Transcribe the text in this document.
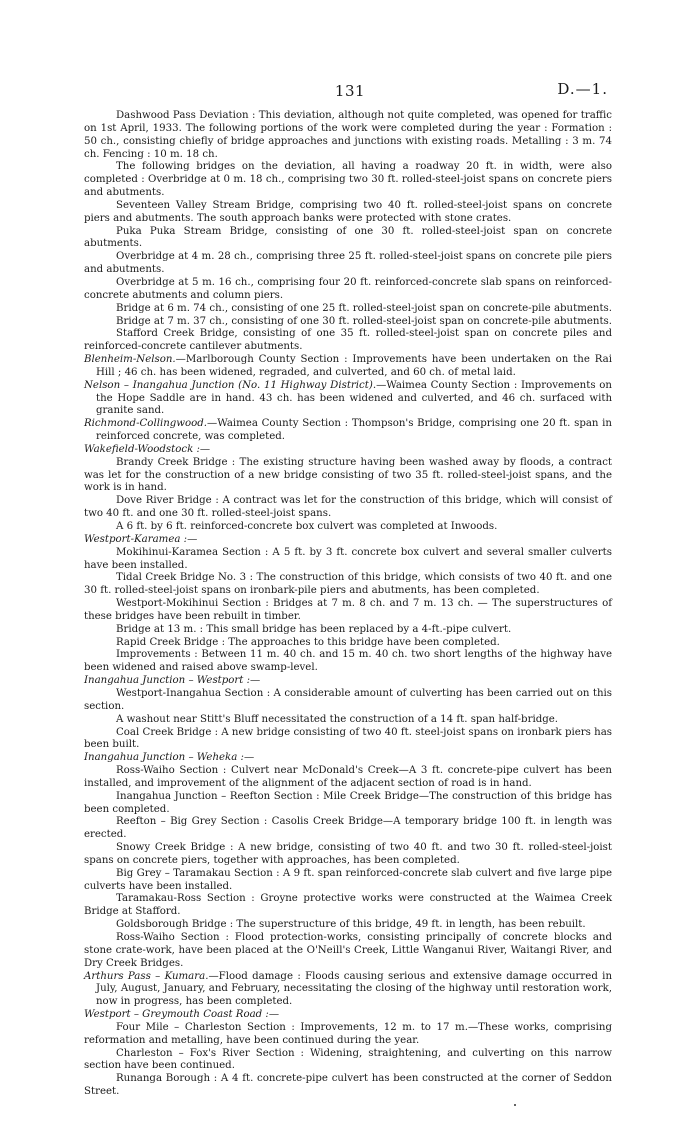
131	D.—1.

Dashwood Pass Deviation : This deviation, although not quite completed, was opened for traffic on 1st April, 1933. The following portions of the work were completed during the year : Formation : 50 ch., consisting chiefly of bridge approaches and junctions with existing roads. Metalling : 3 m. 74 ch. Fencing : 10 m. 18 ch.

The following bridges on the deviation, all having a roadway 20 ft. in width, were also completed : Overbridge at 0 m. 18 ch., comprising two 30 ft. rolled-steel-joist spans on concrete piers and abutments.

Seventeen Valley Stream Bridge, comprising two 40 ft. rolled-steel-joist spans on concrete piers and abutments. The south approach banks were protected with stone crates.

Puka Puka Stream Bridge, consisting of one 30 ft. rolled-steel-joist span on concrete abutments.

Overbridge at 4 m. 28 ch., comprising three 25 ft. rolled-steel-joist spans on concrete pile piers and abutments.

Overbridge at 5 m. 16 ch., comprising four 20 ft. reinforced-concrete slab spans on reinforced-concrete abutments and column piers.

Bridge at 6 m. 74 ch., consisting of one 25 ft. rolled-steel-joist span on concrete-pile abutments.

Bridge at 7 m. 37 ch., consisting of one 30 ft. rolled-steel-joist span on concrete-pile abutments.

Stafford Creek Bridge, consisting of one 35 ft. rolled-steel-joist span on concrete piles and reinforced-concrete cantilever abutments.

Blenheim-Nelson.—Marlborough County Section : Improvements have been undertaken on the Rai Hill ; 46 ch. has been widened, regraded, and culverted, and 60 ch. of metal laid.

Nelson – Inangahua Junction (No. 11 Highway District).—Waimea County Section : Improvements on the Hope Saddle are in hand. 43 ch. has been widened and culverted, and 46 ch. surfaced with granite sand.

Richmond-Collingwood.—Waimea County Section : Thompson's Bridge, comprising one 20 ft. span in reinforced concrete, was completed.

Wakefield-Woodstock :—

Brandy Creek Bridge : The existing structure having been washed away by floods, a contract was let for the construction of a new bridge consisting of two 35 ft. rolled-steel-joist spans, and the work is in hand.

Dove River Bridge : A contract was let for the construction of this bridge, which will consist of two 40 ft. and one 30 ft. rolled-steel-joist spans.

A 6 ft. by 6 ft. reinforced-concrete box culvert was completed at Inwoods.

Westport-Karamea :—

Mokihinui-Karamea Section : A 5 ft. by 3 ft. concrete box culvert and several smaller culverts have been installed.

Tidal Creek Bridge No. 3 : The construction of this bridge, which consists of two 40 ft. and one 30 ft. rolled-steel-joist spans on ironbark-pile piers and abutments, has been completed.

Westport-Mokihinui Section : Bridges at 7 m. 8 ch. and 7 m. 13 ch. — The superstructures of these bridges have been rebuilt in timber.

Bridge at 13 m. : This small bridge has been replaced by a 4-ft.-pipe culvert.

Rapid Creek Bridge : The approaches to this bridge have been completed.

Improvements : Between 11 m. 40 ch. and 15 m. 40 ch. two short lengths of the highway have been widened and raised above swamp-level.

Inangahua Junction – Westport :—

Westport-Inangahua Section : A considerable amount of culverting has been carried out on this section.

A washout near Stitt's Bluff necessitated the construction of a 14 ft. span half-bridge.

Coal Creek Bridge : A new bridge consisting of two 40 ft. steel-joist spans on ironbark piers has been built.

Inangahua Junction – Weheka :—

Ross-Waiho Section : Culvert near McDonald's Creek—A 3 ft. concrete-pipe culvert has been installed, and improvement of the alignment of the adjacent section of road is in hand.

Inangahua Junction – Reefton Section : Mile Creek Bridge—The construction of this bridge has been completed.

Reefton – Big Grey Section : Casolis Creek Bridge—A temporary bridge 100 ft. in length was erected.

Snowy Creek Bridge : A new bridge, consisting of two 40 ft. and two 30 ft. rolled-steel-joist spans on concrete piers, together with approaches, has been completed.

Big Grey – Taramakau Section : A 9 ft. span reinforced-concrete slab culvert and five large pipe culverts have been installed.

Taramakau-Ross Section : Groyne protective works were constructed at the Waimea Creek Bridge at Stafford.

Goldsborough Bridge : The superstructure of this bridge, 49 ft. in length, has been rebuilt.

Ross-Waiho Section : Flood protection-works, consisting principally of concrete blocks and stone crate-work, have been placed at the O'Neill's Creek, Little Wanganui River, Waitangi River, and Dry Creek Bridges.

Arthurs Pass – Kumara.—Flood damage : Floods causing serious and extensive damage occurred in July, August, January, and February, necessitating the closing of the highway until restoration work, now in progress, has been completed.

Westport – Greymouth Coast Road :—

Four Mile – Charleston Section : Improvements, 12 m. to 17 m.—These works, comprising reformation and metalling, have been continued during the year.

Charleston – Fox's River Section : Widening, straightening, and culverting on this narrow section have been continued.

Runanga Borough : A 4 ft. concrete-pipe culvert has been constructed at the corner of Seddon Street.
